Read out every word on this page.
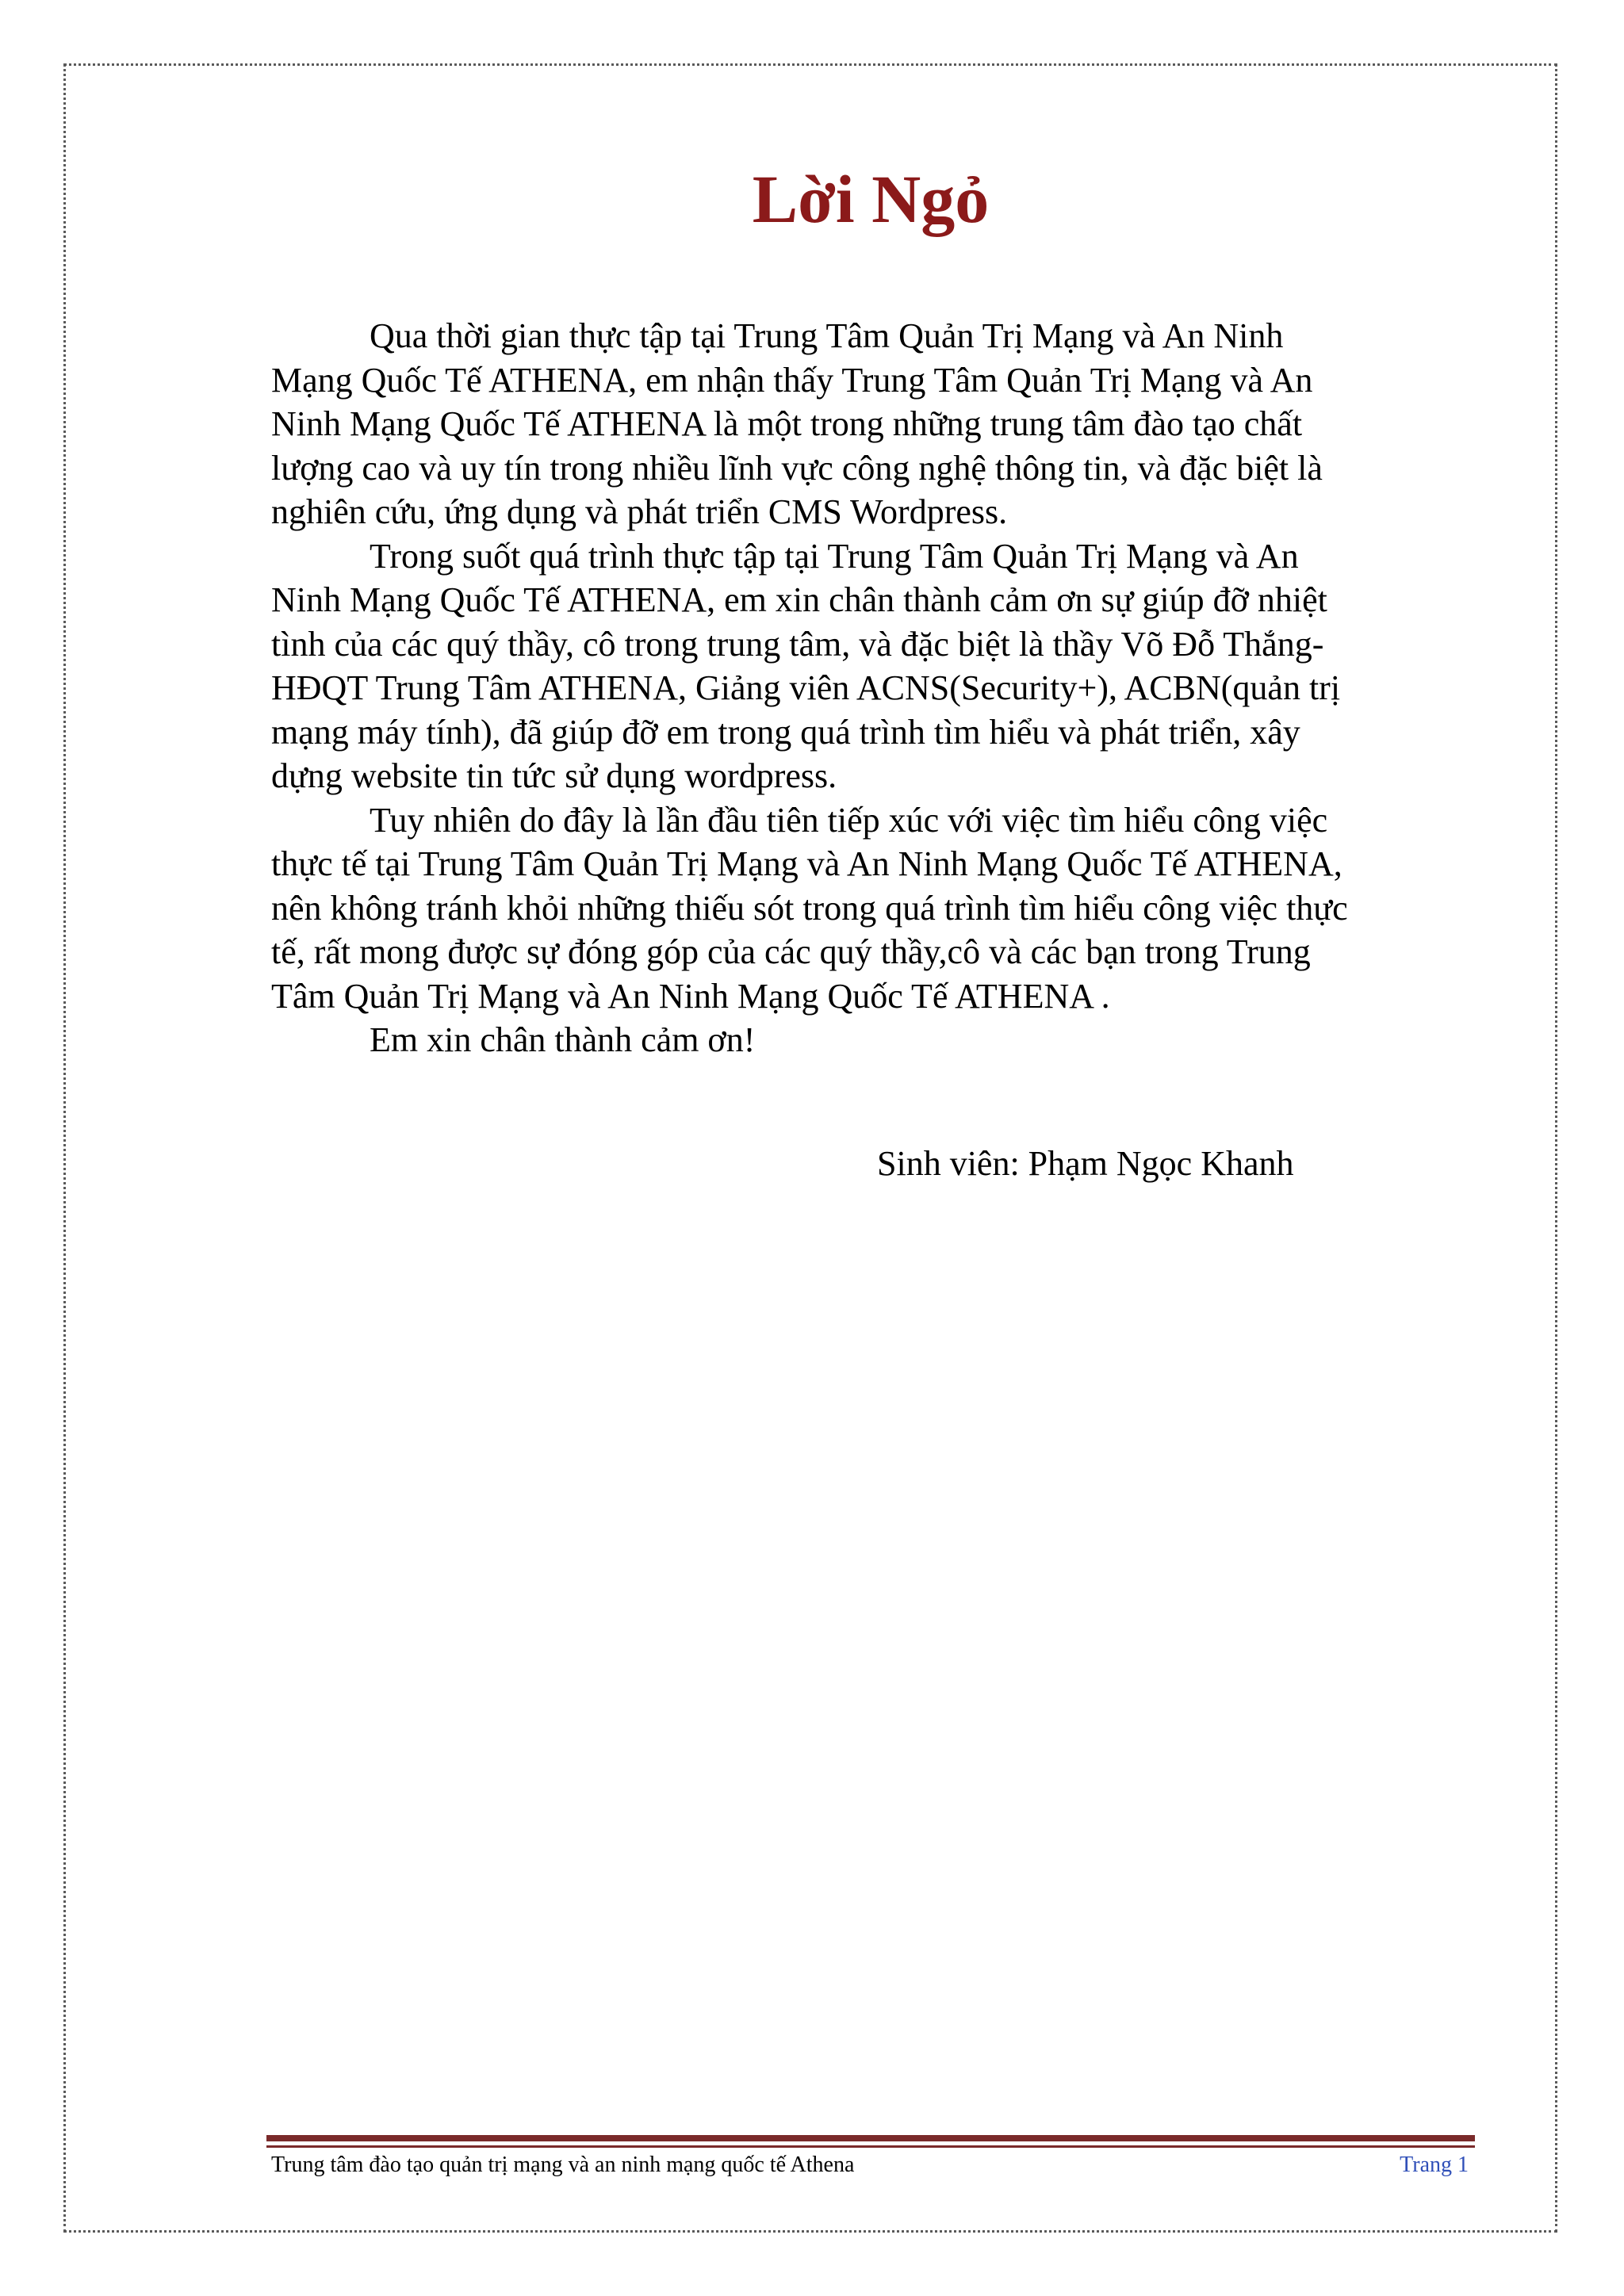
Lời Ngỏ

Qua thời gian thực tập tại Trung Tâm Quản Trị Mạng và An Ninh
Mạng Quốc Tế ATHENA, em nhận thấy Trung Tâm Quản Trị Mạng và An
Ninh Mạng Quốc Tế ATHENA là một trong những trung tâm đào tạo chất
lượng cao và uy tín trong nhiều lĩnh vực công nghệ thông tin, và đặc biệt là
nghiên cứu, ứng dụng và phát triển CMS Wordpress.

Trong suốt quá trình thực tập tại Trung Tâm Quản Trị Mạng và An
Ninh Mạng Quốc Tế ATHENA, em xin chân thành cảm ơn sự giúp đỡ nhiệt
tình của các quý thầy, cô trong trung tâm, và đặc biệt là thầy Võ Đỗ Thắng-
HĐQT Trung Tâm ATHENA, Giảng viên ACNS(Security+), ACBN(quản trị
mạng máy tính), đã giúp đỡ em trong quá trình tìm hiểu và phát triển, xây
dựng website tin tức sử dụng wordpress.

Tuy nhiên do đây là lần đầu tiên tiếp xúc với việc tìm hiểu công việc
thực tế tại Trung Tâm Quản Trị Mạng và An Ninh Mạng Quốc Tế ATHENA,
nên không tránh khỏi những thiếu sót trong quá trình tìm hiểu công việc thực
tế, rất mong được sự đóng góp của các quý thầy,cô và các bạn trong Trung
Tâm Quản Trị Mạng và An Ninh Mạng Quốc Tế ATHENA .

Em xin chân thành cảm ơn!

Sinh viên: Phạm Ngọc Khanh
Trung tâm đào tạo quản trị mạng và an ninh mạng quốc tế Athena	Trang 1
